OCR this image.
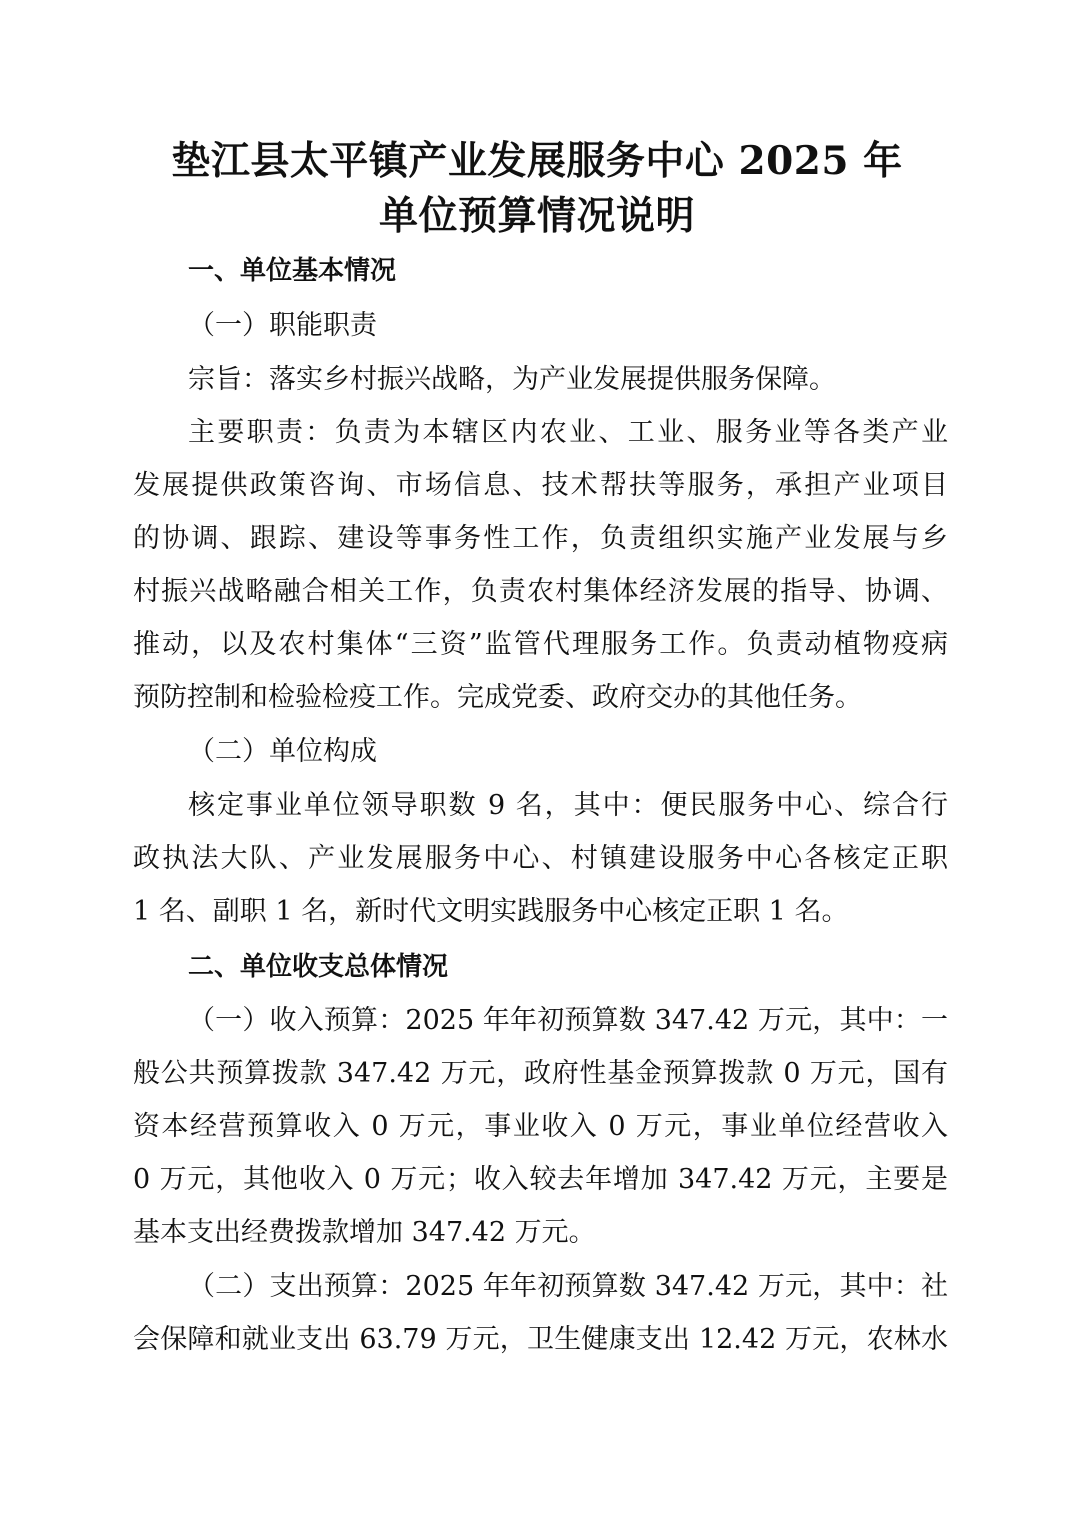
垫江县太平镇产业发展服务中心 2025 年
单位预算情况说明

一、单位基本情况

（一）职能职责

宗旨：落实乡村振兴战略，为产业发展提供服务保障。

主要职责：负责为本辖区内农业、工业、服务业等各类产业

发展提供政策咨询、市场信息、技术帮扶等服务，承担产业项目

的协调、跟踪、建设等事务性工作，负责组织实施产业发展与乡

村振兴战略融合相关工作，负责农村集体经济发展的指导、协调、

推动，以及农村集体“三资”监管代理服务工作。负责动植物疫病

预防控制和检验检疫工作。完成党委、政府交办的其他任务。

（二）单位构成

核定事业单位领导职数 9 名，其中：便民服务中心、综合行

政执法大队、产业发展服务中心、村镇建设服务中心各核定正职

1 名、副职 1 名，新时代文明实践服务中心核定正职 1 名。

二、单位收支总体情况

（一）收入预算：2025 年年初预算数 347.42 万元，其中：一

般公共预算拨款 347.42 万元，政府性基金预算拨款 0 万元，国有

资本经营预算收入 0 万元，事业收入 0 万元，事业单位经营收入

0 万元，其他收入 0 万元；收入较去年增加 347.42 万元，主要是

基本支出经费拨款增加 347.42 万元。

（二）支出预算：2025 年年初预算数 347.42 万元，其中：社

会保障和就业支出 63.79 万元，卫生健康支出 12.42 万元，农林水
